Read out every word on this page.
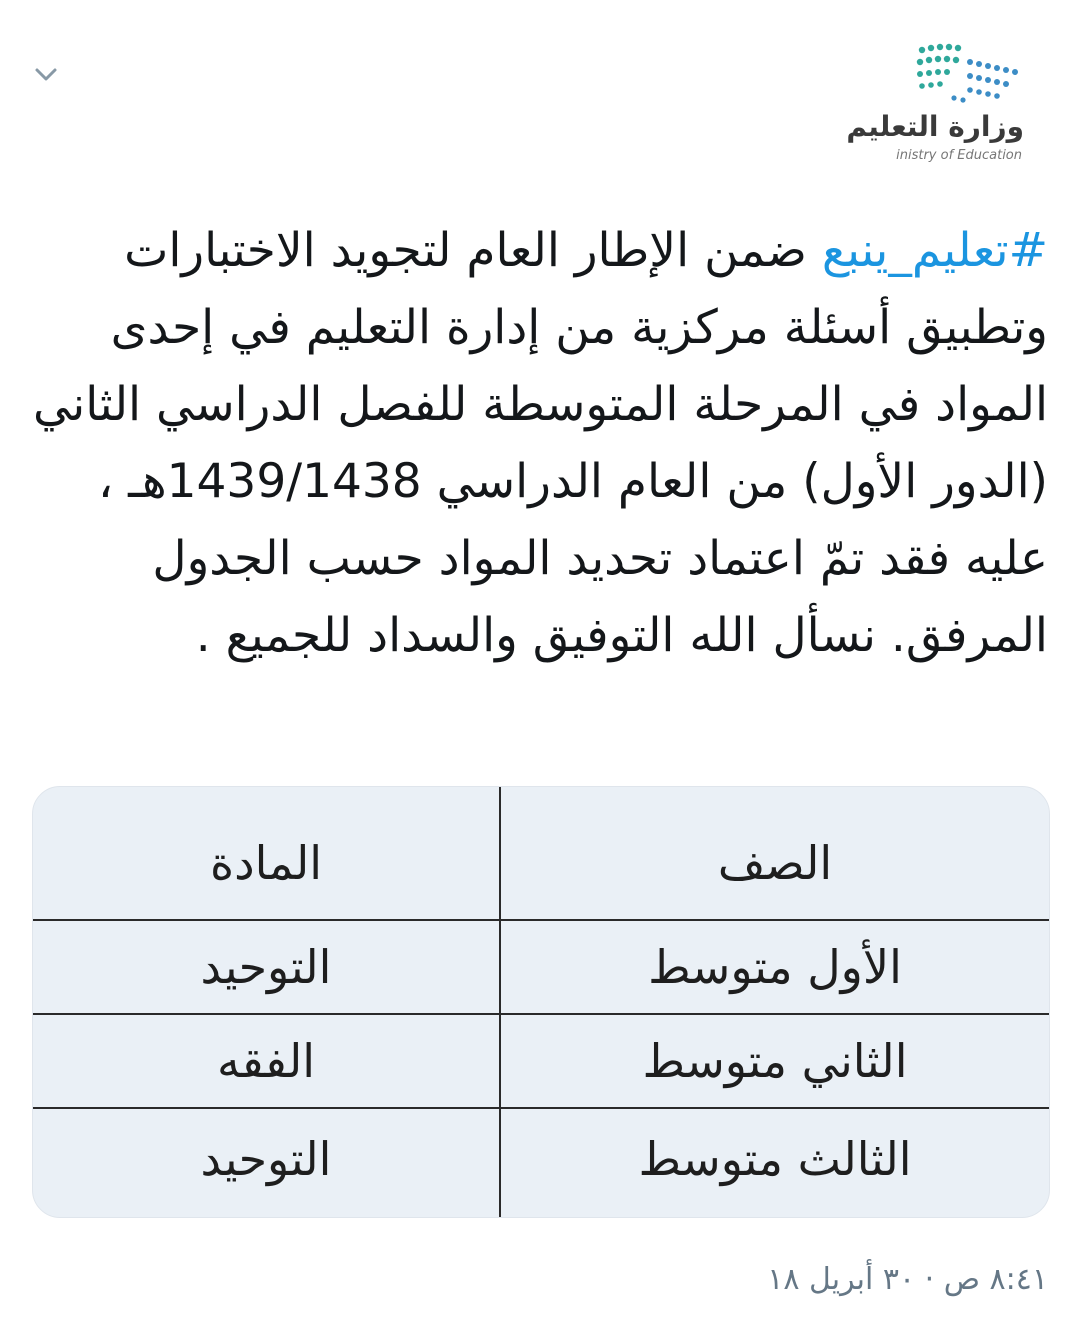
وزارة التعليم
inistry of Education

#تعليم_ينبع ضمن الإطار العام لتجويد الاختبارات وتطبيق أسئلة مركزية من إدارة التعليم في إحدى المواد في المرحلة المتوسطة للفصل الدراسي الثاني (الدور الأول) من العام الدراسي 1439/1438هـ ، عليه فقد تمّ اعتماد تحديد المواد حسب الجدول المرفق. نسأل الله التوفيق والسداد للجميع .

الصف
المادة
الأول متوسط
التوحيد
الثاني متوسط
الفقه
الثالث متوسط
التوحيد
٨:٤١ ص · ٣٠ أبريل ١٨
